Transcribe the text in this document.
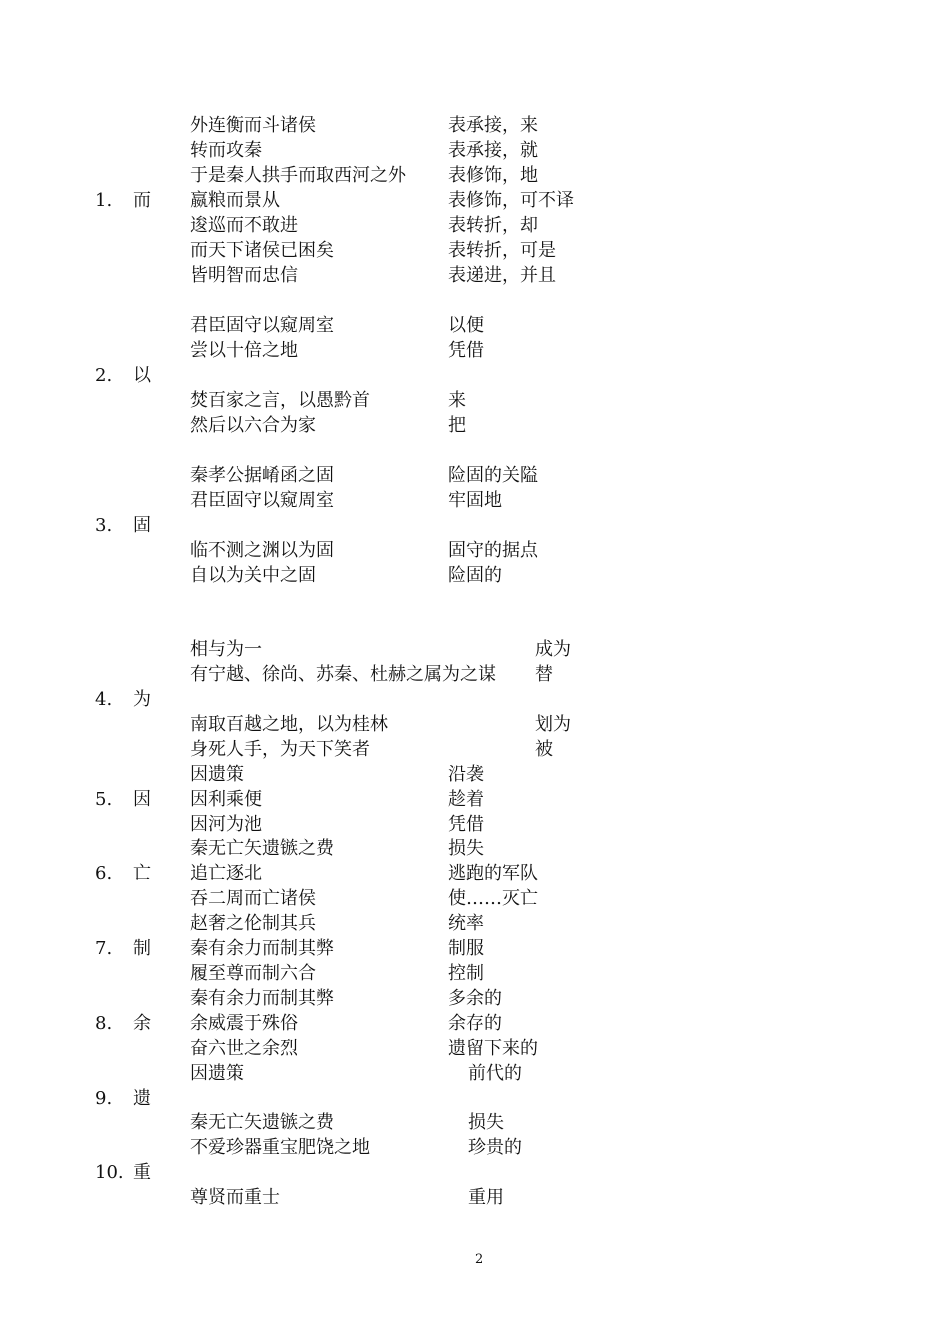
外连衡而斗诸侯	表承接，来
转而攻秦	表承接，就
于是秦人拱手而取西河之外 表修饰，地
1. 而 嬴粮而景从	表修饰，可不译
逡巡而不敢进	表转折，却
而天下诸侯已困矣	表转折，可是
皆明智而忠信	表递进，并且
君臣固守以窥周室	以便
尝以十倍之地	凭借
2. 以
焚百家之言，以愚黔首	来
然后以六合为家	把
秦孝公据崤函之固	险固的关隘
君臣固守以窥周室	牢固地
3. 固
临不测之渊以为固	固守的据点
自以为关中之固	险固的
相与为一	成为
有宁越、徐尚、苏秦、杜赫之属为之谋 替
4. 为
南取百越之地，以为桂林	划为
身死人手，为天下笑者	被
因遗策	沿袭
5. 因 因利乘便	趁着
因河为池	凭借
秦无亡矢遗镞之费	损失
6. 亡 追亡逐北	逃跑的军队
吞二周而亡诸侯	使……灭亡
赵奢之伦制其兵	统率
7. 制 秦有余力而制其弊	制服
履至尊而制六合	控制
秦有余力而制其弊	多余的
8. 余 余威震于殊俗	余存的
奋六世之余烈	遗留下来的
因遗策	前代的
9. 遗
秦无亡矢遗镞之费	损失
不爱珍器重宝肥饶之地	珍贵的
10. 重
尊贤而重士	重用
2
